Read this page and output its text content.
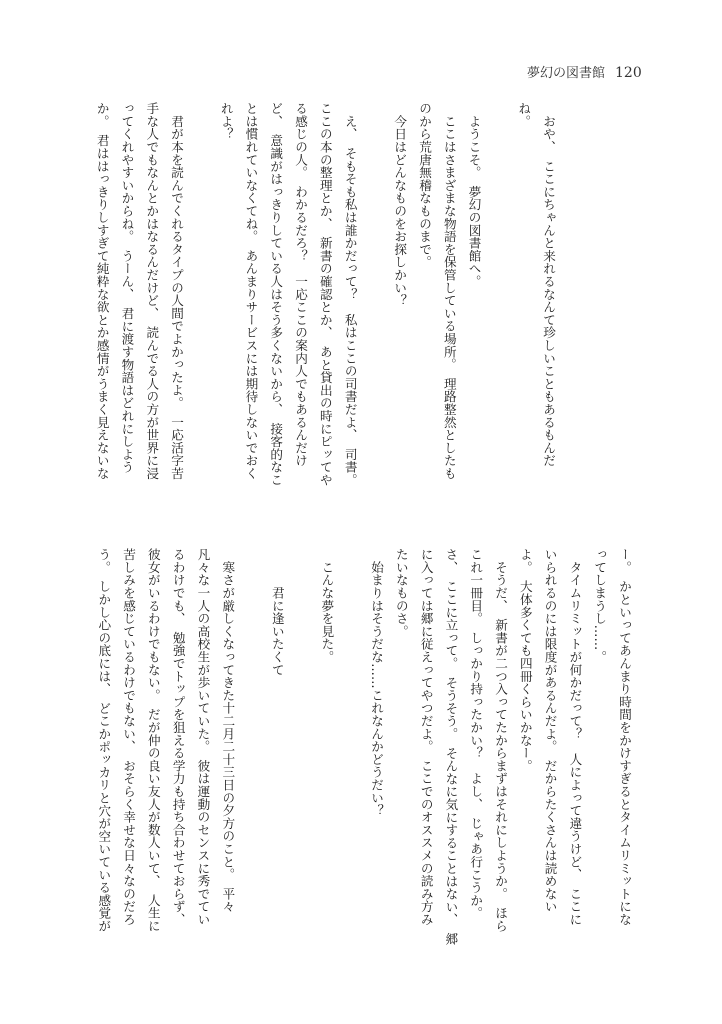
夢幻の図書館 120
　おや、　ここにちゃんと来れるなんて珍しいこともあるもんだ
ね。
　ようこそ。　夢幻の図書館へ。
　ここはさまざまな物語を保管している場所。　理路整然としたも
のから荒唐無稽なものまで。
　今日はどんなものをお探しかい？
　え、　そもそも私は誰かだって？　私はここの司書だよ、　司書。
ここの本の整理とか、　新書の確認とか、　あと貸出の時にピッてや
る感じの人。　わかるだろ？　一応ここの案内人でもあるんだけ
ど、　意識がはっきりしている人はそう多くないから、　接客的なこ
とは慣れていなくてね。　あんまりサービスには期待しないでおく
れよ？
　君が本を読んでくれるタイプの人間でよかったよ。　一応活字苦
手な人でもなんとかはなるんだけど、　読んでる人の方が世界に浸
ってくれやすいからね。　うーん、　君に渡す物語はどれにしよう
か。　君ははっきりしすぎて純粋な欲とか感情がうまく見えないな
ー。　かといってあんまり時間をかけすぎるとタイムリミットにな
ってしまうし……。
　タイムリミットが何かだって？　人によって違うけど、　ここに
いられるのには限度があるんだよ。　だからたくさんは読めない
よ。　大体多くても四冊くらいかなー。
　そうだ、　新書が二つ入ってたからまずはそれにしようか。　ほら
これ一冊目。　しっかり持ったかい？　よし、　じゃあ行こうか。
さ、　ここに立って。　そうそう。　そんなに気にすることはない、　郷
に入っては郷に従えってやつだよ。　ここでのオススメの読み方み
たいなものさ。
　始まりはそうだな……これなんかどうだい？
　こんな夢を見た。
　　　君に逢いたくて
　寒さが厳しくなってきた十二月二十三日の夕方のこと。　平々
凡々な一人の高校生が歩いていた。　彼は運動のセンスに秀でてい
るわけでも、　勉強でトップを狙える学力も持ち合わせておらず、
彼女がいるわけでもない。　だが仲の良い友人が数人いて、　人生に
苦しみを感じているわけでもない、　おそらく幸せな日々なのだろ
う。　しかし心の底には、　どこかポッカリと穴が空いている感覚が
